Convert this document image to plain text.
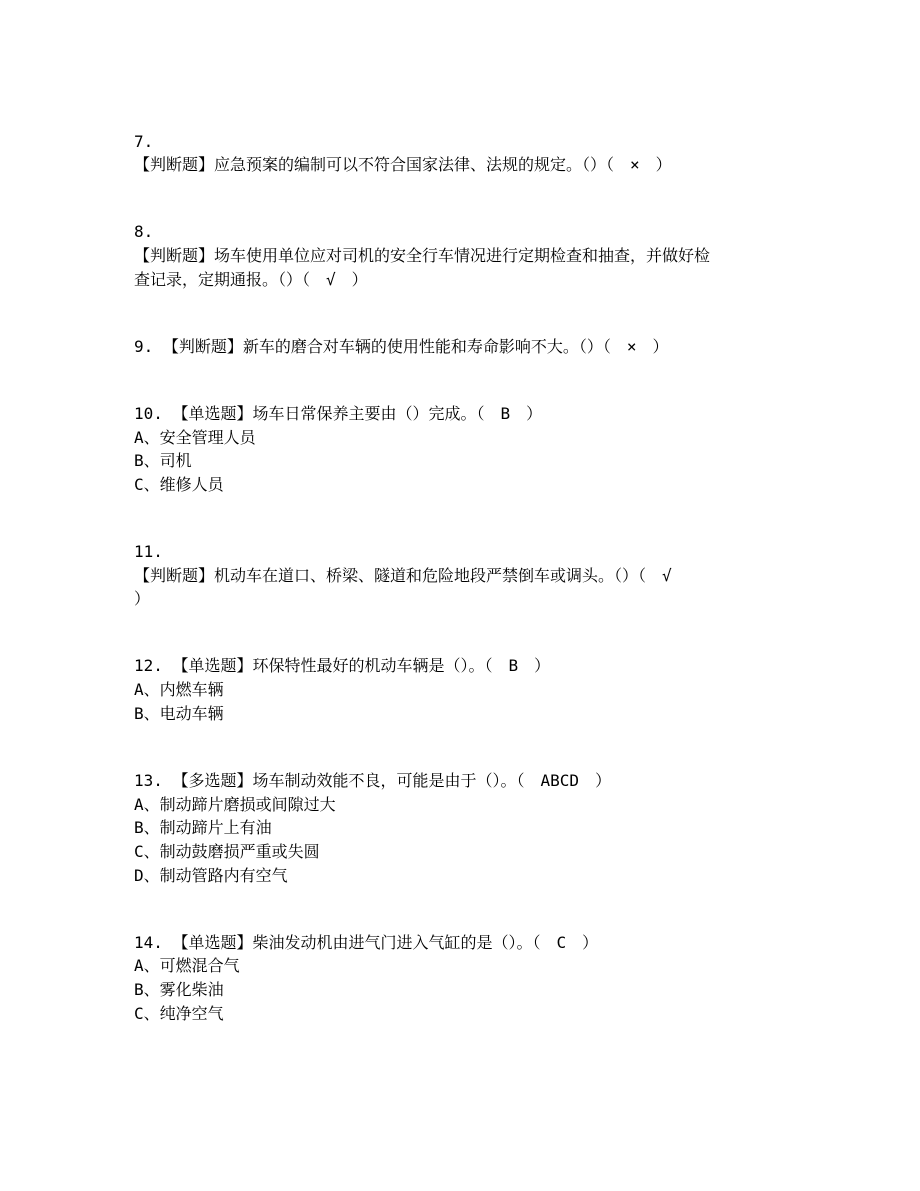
7.
【判断题】应急预案的编制可以不符合国家法律、法规的规定。（）（　×　）
8.
【判断题】场车使用单位应对司机的安全行车情况进行定期检查和抽查，并做好检
查记录，定期通报。（）（　√　）
9. 【判断题】新车的磨合对车辆的使用性能和寿命影响不大。（）（　×　）
10. 【单选题】场车日常保养主要由（）完成。（　B　）
A、安全管理人员
B、司机
C、维修人员
11.
【判断题】机动车在道口、桥梁、隧道和危险地段严禁倒车或调头。（）（　√
）
12. 【单选题】环保特性最好的机动车辆是（）。（　B　）
A、内燃车辆
B、电动车辆
13. 【多选题】场车制动效能不良，可能是由于（）。（　ABCD　）
A、制动蹄片磨损或间隙过大
B、制动蹄片上有油
C、制动鼓磨损严重或失圆
D、制动管路内有空气
14. 【单选题】柴油发动机由进气门进入气缸的是（）。（　C　）
A、可燃混合气
B、雾化柴油
C、纯净空气
